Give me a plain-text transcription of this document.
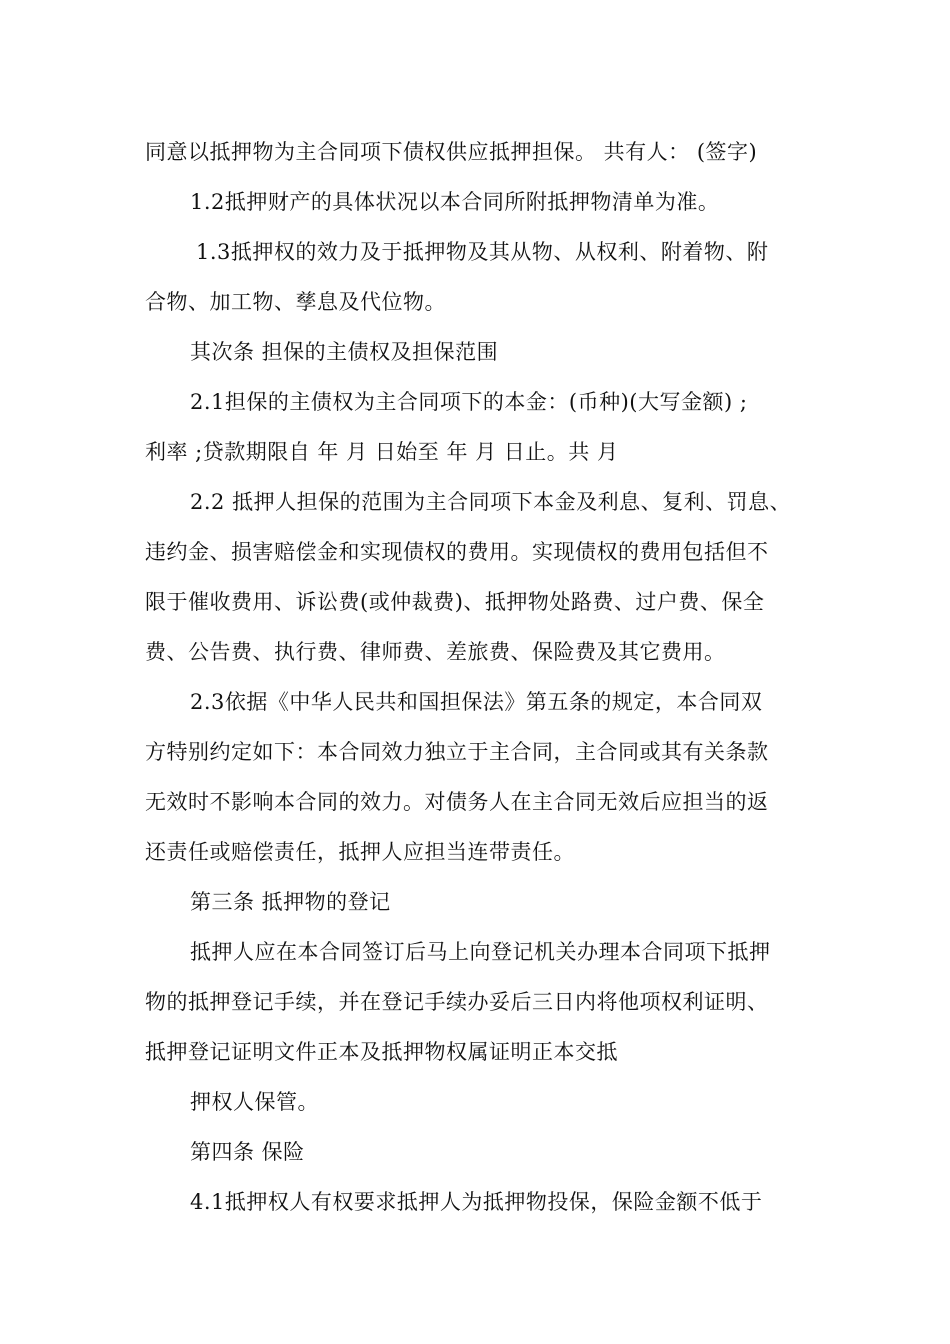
同意以抵押物为主合同项下债权供应抵押担保。 共有人： (签字)
1.2抵押财产的具体状况以本合同所附抵押物清单为准。
1.3抵押权的效力及于抵押物及其从物、从权利、附着物、附
合物、加工物、孳息及代位物。
其次条 担保的主债权及担保范围
2.1担保的主债权为主合同项下的本金：(币种)(大写金额) ;
利率 ;贷款期限自 年 月 日始至 年 月 日止。共 月
2.2 抵押人担保的范围为主合同项下本金及利息、复利、罚息、
违约金、损害赔偿金和实现债权的费用。实现债权的费用包括但不
限于催收费用、诉讼费(或仲裁费)、抵押物处路费、过户费、保全
费、公告费、执行费、律师费、差旅费、保险费及其它费用。
2.3依据《中华人民共和国担保法》第五条的规定，本合同双
方特别约定如下：本合同效力独立于主合同，主合同或其有关条款
无效时不影响本合同的效力。对债务人在主合同无效后应担当的返
还责任或赔偿责任，抵押人应担当连带责任。
第三条 抵押物的登记
抵押人应在本合同签订后马上向登记机关办理本合同项下抵押
物的抵押登记手续，并在登记手续办妥后三日内将他项权利证明、
抵押登记证明文件正本及抵押物权属证明正本交抵
押权人保管。
第四条 保险
4.1抵押权人有权要求抵押人为抵押物投保，保险金额不低于
